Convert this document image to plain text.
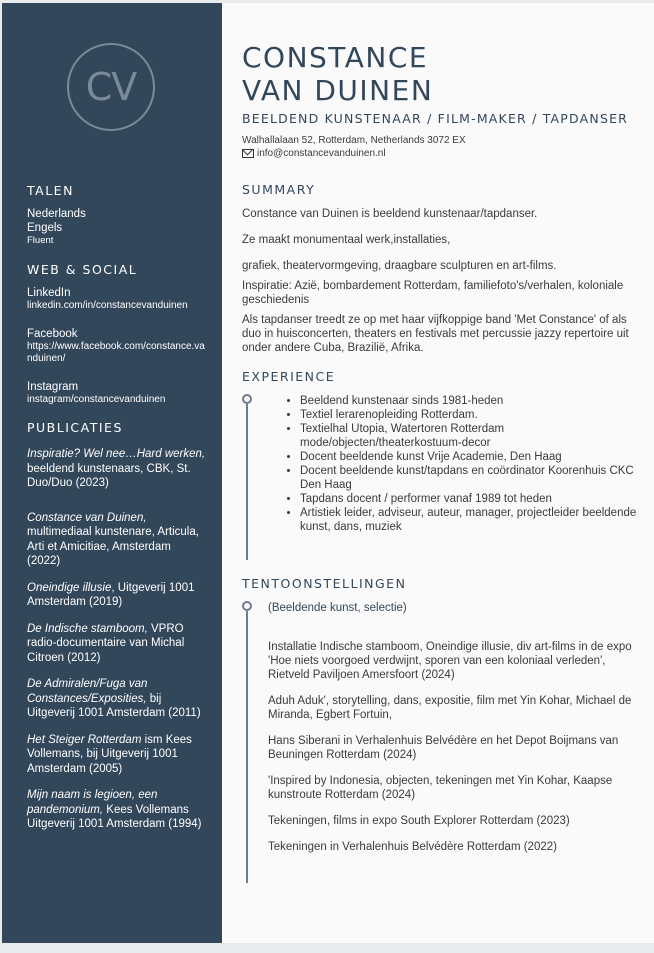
CV
TALEN
Nederlands
Engels
Fluent
WEB & SOCIAL
LinkedIn
linkedin.com/in/constancevanduinen
Facebook
https://www.facebook.com/constance.vanduinen/
Instagram
instagram/constancevanduinen
PUBLICATIES
Inspiratie? Wel nee…Hard werken, beeldend kunstenaars, CBK, St. Duo/Duo (2023)
Constance van Duinen, multimediaal kunstenare, Articula, Arti et Amicitiae, Amsterdam (2022)
Oneindige illusie, Uitgeverij 1001 Amsterdam (2019)
De Indische stamboom, VPRO radio-documentaire van Michal Citroen (2012)
De Admiralen/Fuga van Constances/Exposities, bij Uitgeverij 1001 Amsterdam (2011)
Het Steiger Rotterdam ism Kees Vollemans, bij Uitgeverij 1001 Amsterdam (2005)
Mijn naam is legioen, een pandemonium, Kees Vollemans Uitgeverij 1001 Amsterdam (1994)
CONSTANCE
VAN DUINEN
BEELDEND KUNSTENAAR / FILM-MAKER / TAPDANSER
Walhallalaan 52, Rotterdam, Netherlands 3072 EX
info@constancevanduinen.nl
SUMMARY

Constance van Duinen is beeldend kunstenaar/tapdanser.

Ze maakt monumentaal werk,installaties,

grafiek, theatervormgeving, draagbare sculpturen en art-films.

Inspiratie: Azië, bombardement Rotterdam, familiefoto's/verhalen, koloniale geschiedenis

Als tapdanser treedt ze op met haar vijfkoppige band 'Met Constance' of als duo in huisconcerten, theaters en festivals met percussie jazzy repertoire uit onder andere Cuba, Brazilië, Afrika.

EXPERIENCE
• Beeldend kunstenaar sinds 1981-heden
• Textiel lerarenopleiding Rotterdam.
• Textielhal Utopia, Watertoren Rotterdam mode/objecten/theaterkostuum-decor
• Docent beeldende kunst Vrije Academie, Den Haag
• Docent beeldende kunst/tapdans en coördinator Koorenhuis CKC Den Haag
• Tapdans docent / performer vanaf 1989 tot heden
• Artistiek leider, adviseur, auteur, manager, projectleider beeldende kunst, dans, muziek
TENTOONSTELLINGEN

(Beeldende kunst, selectie)

Installatie Indische stamboom, Oneindige illusie, div art-films in de expo 'Hoe niets voorgoed verdwijnt, sporen van een koloniaal verleden', Rietveld Paviljoen Amersfoort (2024)

Aduh Aduk', storytelling, dans, expositie, film met Yin Kohar, Michael de Miranda, Egbert Fortuin,

Hans Siberani in Verhalenhuis Belvédère en het Depot Boijmans van Beuningen Rotterdam (2024)

'Inspired by Indonesia, objecten, tekeningen met Yin Kohar, Kaapse kunstroute Rotterdam (2024)

Tekeningen, films in expo South Explorer Rotterdam (2023)

Tekeningen in Verhalenhuis Belvédère Rotterdam (2022)
